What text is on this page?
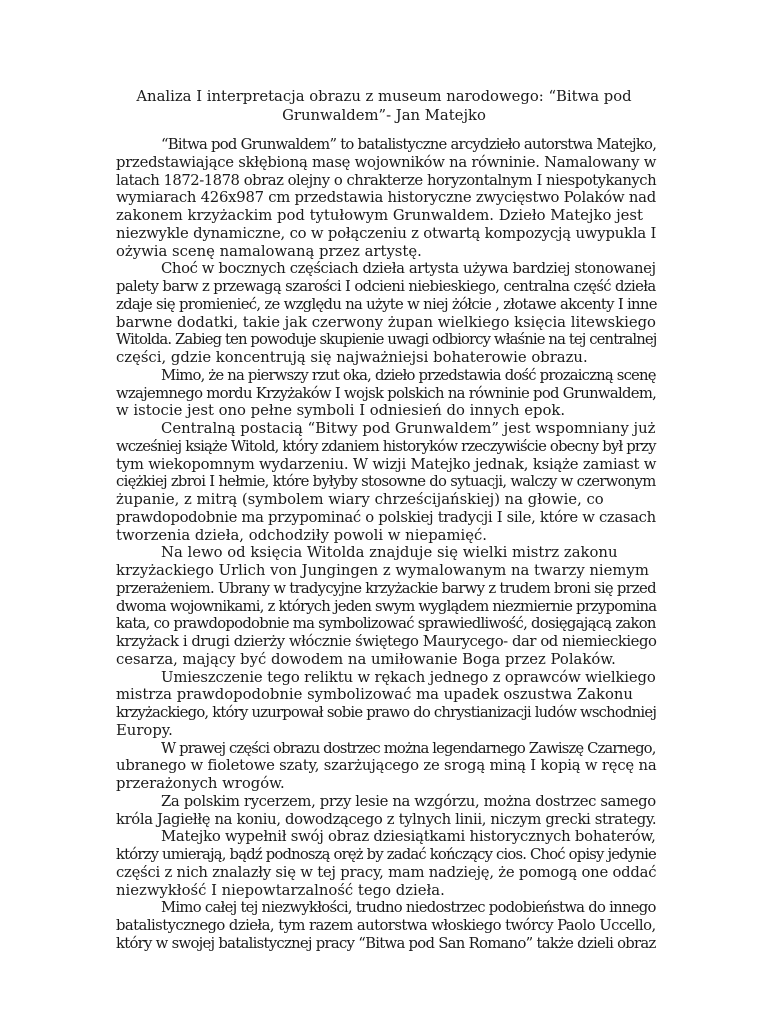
Analiza I interpretacja obrazu z museum narodowego: “Bitwa pod
Grunwaldem”- Jan Matejko
“Bitwa pod Grunwaldem” to batalistyczne arcydzieło autorstwa Matejko,
przedstawiające skłębioną masę wojowników na równinie. Namalowany w
latach 1872-1878 obraz olejny o chrakterze horyzontalnym I niespotykanych
wymiarach 426x987 cm przedstawia historyczne zwycięstwo Polaków nad
zakonem krzyżackim pod tytułowym Grunwaldem. Dzieło Matejko jest
niezwykle dynamiczne, co w połączeniu z otwartą kompozycją uwypukla I
ożywia scenę namalowaną przez artystę.
Choć w bocznych częściach dzieła artysta używa bardziej stonowanej
palety barw z przewagą szarości I odcieni niebieskiego, centralna część dzieła
zdaje się promienieć, ze względu na użyte w niej żółcie , złotawe akcenty I inne
barwne dodatki, takie jak czerwony żupan wielkiego księcia litewskiego
Witolda. Zabieg ten powoduje skupienie uwagi odbiorcy właśnie na tej centralnej
części, gdzie koncentrują się najważniejsi bohaterowie obrazu.
Mimo, że na pierwszy rzut oka, dzieło przedstawia dość prozaiczną scenę
wzajemnego mordu Krzyżaków I wojsk polskich na równinie pod Grunwaldem,
w istocie jest ono pełne symboli I odniesień do innych epok.
Centralną postacią “Bitwy pod Grunwaldem” jest wspomniany już
wcześniej książe Witold, który zdaniem historyków rzeczywiście obecny był przy
tym wiekopomnym wydarzeniu. W wizji Matejko jednak, książe zamiast w
ciężkiej zbroi I hełmie, które byłyby stosowne do sytuacji, walczy w czerwonym
żupanie, z mitrą (symbolem wiary chrześcijańskiej) na głowie, co
prawdopodobnie ma przypominać o polskiej tradycji I sile, które w czasach
tworzenia dzieła, odchodziły powoli w niepamięć.
Na lewo od księcia Witolda znajduje się wielki mistrz zakonu
krzyżackiego Urlich von Jungingen z wymalowanym na twarzy niemym
przerażeniem. Ubrany w tradycyjne krzyżackie barwy z trudem broni się przed
dwoma wojownikami, z których jeden swym wyglądem niezmiernie przypomina
kata, co prawdopodobnie ma symbolizować sprawiedliwość, dosięgającą zakon
krzyżack i drugi dzierży włócznie świętego Maurycego- dar od niemieckiego
cesarza, mający być dowodem na umiłowanie Boga przez Polaków.
Umieszczenie tego reliktu w rękach jednego z oprawców wielkiego
mistrza prawdopodobnie symbolizować ma upadek oszustwa Zakonu
krzyżackiego, który uzurpował sobie prawo do chrystianizacji ludów wschodniej
Europy.
W prawej części obrazu dostrzec można legendarnego Zawiszę Czarnego,
ubranego w fioletowe szaty, szarżującego ze srogą miną I kopią w ręcę na
przerażonych wrogów.
Za polskim rycerzem, przy lesie na wzgórzu, można dostrzec samego
króla Jagiełłę na koniu, dowodzącego z tylnych linii, niczym grecki strategy.
Matejko wypełnił swój obraz dziesiątkami historycznych bohaterów,
którzy umierają, bądź podnoszą oręż by zadać kończący cios. Choć opisy jedynie
części z nich znalazły się w tej pracy, mam nadzieję, że pomogą one oddać
niezwykłość I niepowtarzalność tego dzieła.
Mimo całej tej niezwykłości, trudno niedostrzec podobieństwa do innego
batalistycznego dzieła, tym razem autorstwa włoskiego twórcy Paolo Uccello,
który w swojej batalistycznej pracy “Bitwa pod San Romano” także dzieli obraz
